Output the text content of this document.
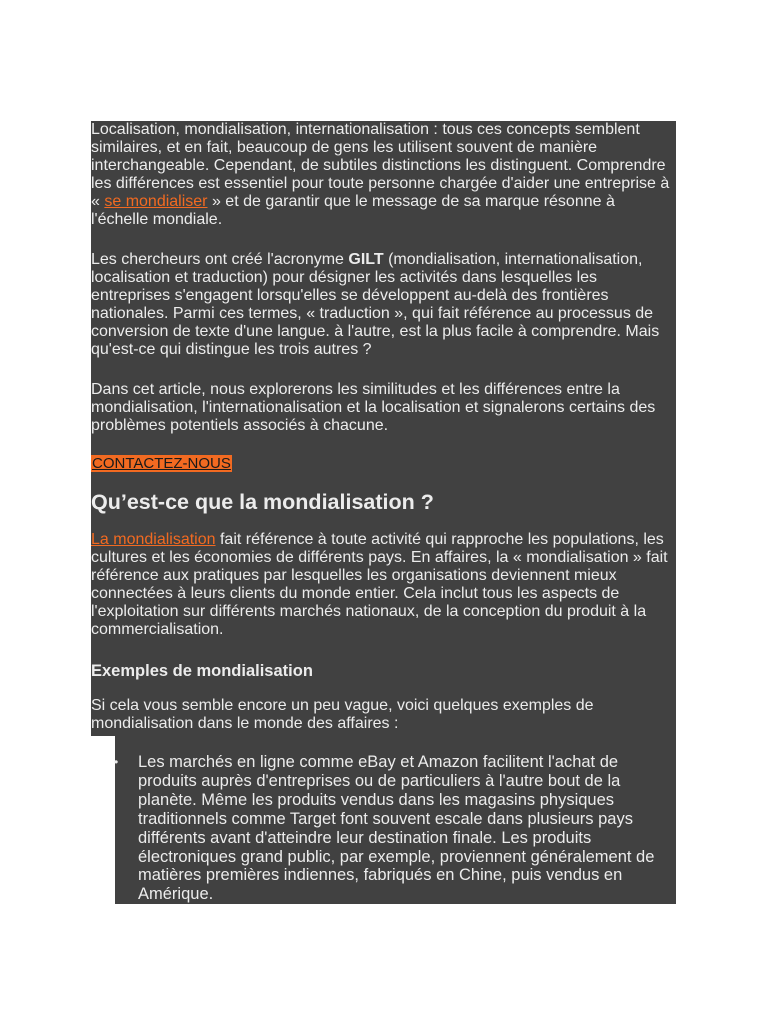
Localisation, mondialisation, internationalisation : tous ces concepts semblent similaires, et en fait, beaucoup de gens les utilisent souvent de manière interchangeable. Cependant, de subtiles distinctions les distinguent. Comprendre les différences est essentiel pour toute personne chargée d'aider une entreprise à « se mondialiser » et de garantir que le message de sa marque résonne à l'échelle mondiale.

Les chercheurs ont créé l'acronyme GILT (mondialisation, internationalisation, localisation et traduction) pour désigner les activités dans lesquelles les entreprises s'engagent lorsqu'elles se développent au-delà des frontières nationales. Parmi ces termes, « traduction », qui fait référence au processus de conversion de texte d'une langue. à l'autre, est la plus facile à comprendre. Mais qu'est-ce qui distingue les trois autres ?

Dans cet article, nous explorerons les similitudes et les différences entre la mondialisation, l'internationalisation et la localisation et signalerons certains des problèmes potentiels associés à chacune.

CONTACTEZ-NOUS
Qu’est-ce que la mondialisation ?

La mondialisation fait référence à toute activité qui rapproche les populations, les cultures et les économies de différents pays. En affaires, la « mondialisation » fait référence aux pratiques par lesquelles les organisations deviennent mieux connectées à leurs clients du monde entier. Cela inclut tous les aspects de l'exploitation sur différents marchés nationaux, de la conception du produit à la commercialisation.

Exemples de mondialisation

Si cela vous semble encore un peu vague, voici quelques exemples de mondialisation dans le monde des affaires :

• Les marchés en ligne comme eBay et Amazon facilitent l'achat de produits auprès d'entreprises ou de particuliers à l'autre bout de la planète. Même les produits vendus dans les magasins physiques traditionnels comme Target font souvent escale dans plusieurs pays différents avant d'atteindre leur destination finale. Les produits électroniques grand public, par exemple, proviennent généralement de matières premières indiennes, fabriqués en Chine, puis vendus en Amérique.
